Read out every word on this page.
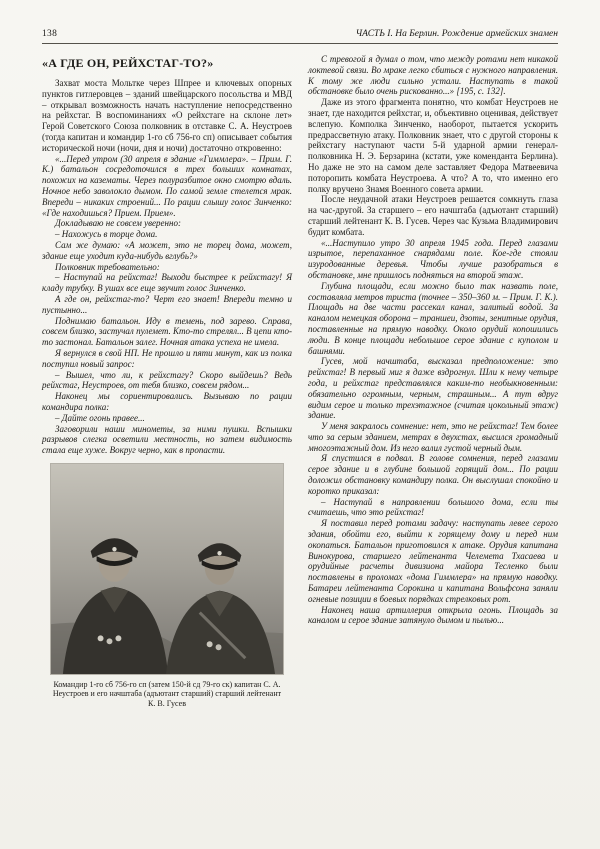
138	ЧАСТЬ I. На Берлин. Рождение армейских знамен
«А ГДЕ ОН, РЕЙХСТАГ-ТО?»

Захват моста Мольтке через Шпрее и ключевых опорных пунктов гитлеровцев – зданий швейцарского посольства и МВД – открывал возможность начать наступление непосредственно на рейхстаг. В воспоминаниях «О рейхстаге на склоне лет» Герой Советского Союза полковник в отставке С. А. Неустроев (тогда капитан и командир 1-го сб 756-го сп) описывает события исторической ночи (ночи, дня и ночи) достаточно откровенно:

«...Перед утром (30 апреля в здание «Гиммлера». – Прим. Г. К.) батальон сосредоточился в трех больших комнатах, похожих на казематы. Через полуразбитое окно смотрю вдаль. Ночное небо заволокло дымом. По самой земле стелется мрак. Впереди – никаких строений... По рации слышу голос Зинченко: «Где находишься? Прием. Прием».

Докладываю не совсем уверенно:

– Нахожусь в торце дома.

Сам же думаю: «А может, это не торец дома, может, здание еще уходит куда-нибудь вглубь?»

Полковник требовательно:

– Наступай на рейхстаг! Выходи быстрее к рейхстагу! Я кладу трубку. В ушах все еще звучит голос Зинченко.

А где он, рейхстаг-то? Черт его знает! Впереди темно и пустынно...

Поднимаю батальон. Иду в темень, под зарево. Справа, совсем близко, застучал пулемет. Кто-то стрелял... В цепи кто-то застонал. Батальон залег. Ночная атака успеха не имела.

Я вернулся в свой НП. Не прошло и пяти минут, как из полка поступил новый запрос:

– Вышел, что ли, к рейхстагу? Скоро выйдешь? Ведь рейхстаг, Неустроев, от тебя близко, совсем рядом...

Наконец мы сориентировались. Вызываю по рации командира полка:

– Дайте огонь правее...

Заговорили наши минометы, за ними пушки. Вспышки разрывов слегка осветили местность, но затем видимость стала еще хуже. Вокруг черно, как в пропасти.

Командир 1-го сб 756-го сп (затем 150-й сд 79-го ск) капитан С. А. Неустроев и его начштаба (адъютант старший) старший лейтенант К. В. Гусев

С тревогой я думал о том, что между ротами нет никакой локтевой связи. Во мраке легко сбиться с нужного направления. К тому же люди сильно устали. Наступать в такой обстановке было очень рискованно...» [195, с. 132].

Даже из этого фрагмента понятно, что комбат Неустроев не знает, где находится рейхстаг, и, объективно оценивая, действует вслепую. Комполка Зинченко, наоборот, пытается ускорить предрассветную атаку. Полковник знает, что с другой стороны к рейхстагу наступают части 5-й ударной армии генерал-полковника Н. Э. Берзарина (кстати, уже коменданта Берлина). Но даже не это на самом деле заставляет Федора Матвеевича поторопить комбата Неустроева. А что? А то, что именно его полку вручено Знамя Военного совета армии.

После неудачной атаки Неустроев решается сомкнуть глаза на час-другой. За старшего – его начштаба (адъютант старший) старший лейтенант К. В. Гусев. Через час Кузьма Владимирович будит комбата.

«...Наступило утро 30 апреля 1945 года. Перед глазами изрытое, перепаханное снарядами поле. Кое-где стояли изуродованные деревья. Чтобы лучше разобраться в обстановке, мне пришлось подняться на второй этаж.

Глубина площади, если можно было так назвать поле, составляла метров триста (точнее – 350–360 м. – Прим. Г. К.). Площадь на две части рассекал канал, залитый водой. За каналом немецкая оборона – траншеи, дзоты, зенитные орудия, поставленные на прямую наводку. Около орудий копошились люди. В конце площади небольшое серое здание с куполом и башнями.

Гусев, мой начштаба, высказал предположение: это рейхстаг! В первый миг я даже вздрогнул. Шли к нему четыре года, и рейхстаг представлялся каким-то необыкновенным: обязательно огромным, черным, страшным... А тут вдруг видим серое и только трехэтажное (считая цокольный этаж) здание.

У меня закралось сомнение: нет, это не рейхстаг! Тем более что за серым зданием, метрах в двухстах, высился громадный многоэтажный дом. Из него валил густой черный дым.

Я спустился в подвал. В голове сомнения, перед глазами серое здание и в глубине большой горящий дом... По рации доложил обстановку командиру полка. Он выслушал спокойно и коротко приказал:

– Наступай в направлении большого дома, если ты считаешь, что это рейхстаг!

Я поставил перед ротами задачу: наступать левее серого здания, обойти его, выйти к горящему дому и перед ним окопаться. Батальон приготовился к атаке. Орудия капитана Винокурова, старшего лейтенанта Челемета Тхасаева и орудийные расчеты дивизиона майора Тесленко были поставлены в проломах «дома Гиммлера» на прямую наводку. Батареи лейтенанта Сорокина и капитана Вольфсона заняли огневые позиции в боевых порядках стрелковых рот.

Наконец наша артиллерия открыла огонь. Площадь за каналом и серое здание затянуло дымом и пылью...
